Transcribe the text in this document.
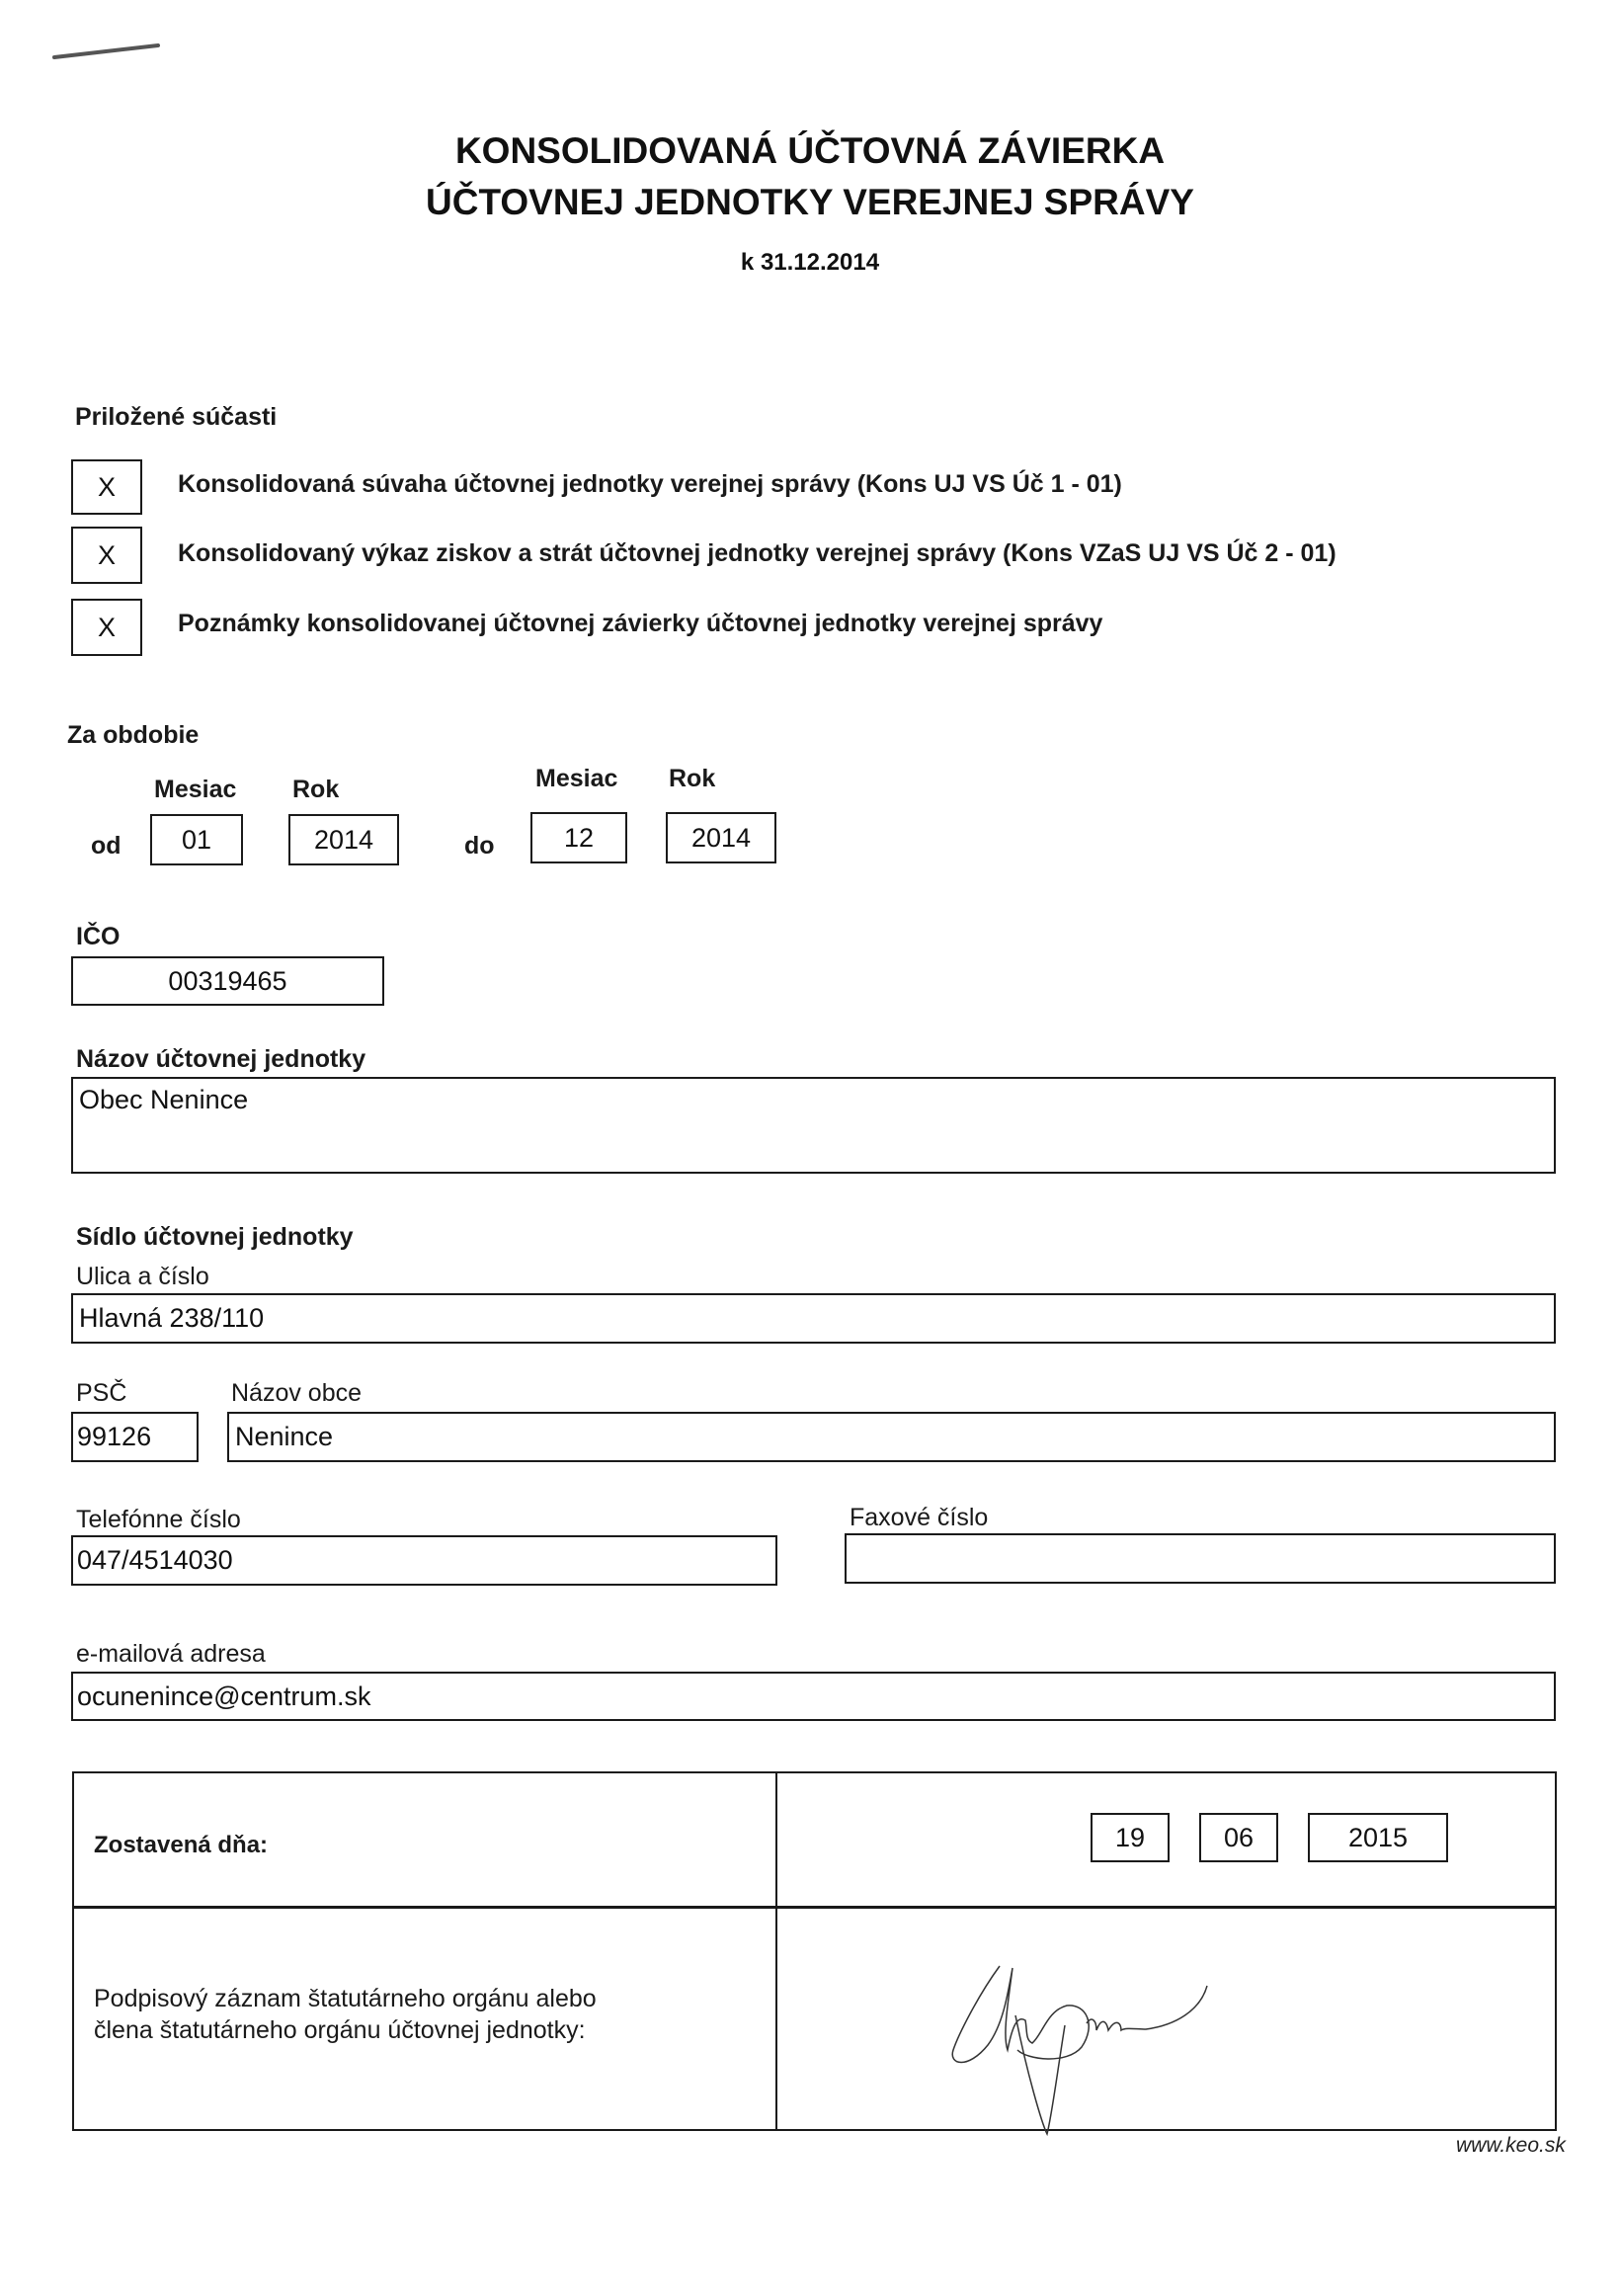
KONSOLIDOVANÁ ÚČTOVNÁ ZÁVIERKA
ÚČTOVNEJ JEDNOTKY VEREJNEJ SPRÁVY
k 31.12.2014
Priložené súčasti
X	Konsolidovaná súvaha účtovnej jednotky verejnej správy (Kons UJ VS Úč 1 - 01)
X	Konsolidovaný výkaz ziskov a strát účtovnej jednotky verejnej správy (Kons VZaS UJ VS Úč 2 - 01)
X	Poznámky konsolidovanej účtovnej závierky účtovnej jednotky verejnej správy
Za obdobie
Mesiac Rok	Mesiac Rok
od 01	2014	do	12	2014
IČO
00319465
Názov účtovnej jednotky
Obec Nenince
Sídlo účtovnej jednotky
Ulica a číslo
Hlavná 238/110
PSČ	Názov obce
99126	Nenince
Telefónne číslo	Faxové číslo
047/4514030
e-mailová adresa
ocunenince@centrum.sk
Zostavená dňa:	19	06	2015
Podpisový záznam štatutárneho orgánu alebo
člena štatutárneho orgánu účtovnej jednotky:
www.keo.sk
